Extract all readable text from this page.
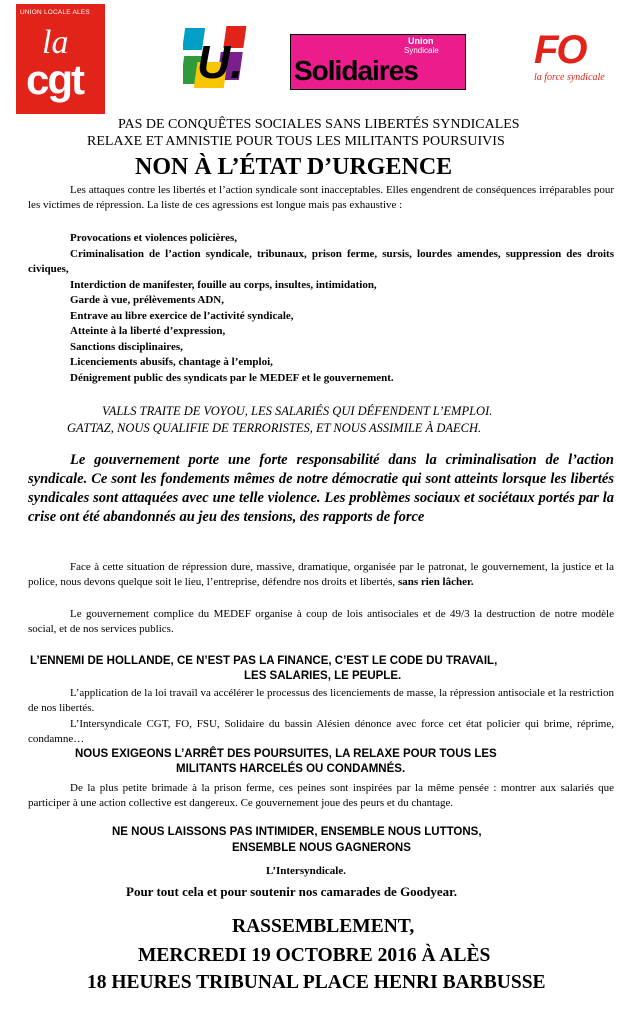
UNION LOCALE ALES
la
cgt U.	Union
Syndicale
Solidaires	FO
la force syndicale
PAS DE CONQUÊTES SOCIALES SANS LIBERTÉS SYNDICALES
RELAXE ET AMNISTIE POUR TOUS LES MILITANTS POURSUIVIS
NON À L’ÉTAT D’URGENCE
Les attaques contre les libertés et l’action syndicale sont inacceptables. Elles engendrent de conséquences irréparables pour les victimes de répression. La liste de ces agressions est longue mais pas exhaustive :
Provocations et violences policières,
Criminalisation de l’action syndicale, tribunaux, prison ferme, sursis, lourdes amendes, suppression des droits civiques,
Interdiction de manifester, fouille au corps, insultes, intimidation,
Garde à vue, prélèvements ADN,
Entrave au libre exercice de l’activité syndicale,
Atteinte à la liberté d’expression,
Sanctions disciplinaires,
Licenciements abusifs, chantage à l’emploi,
Dénigrement public des syndicats par le MEDEF et le gouvernement.
VALLS TRAITE DE VOYOU, LES SALARIÉS QUI DÉFENDENT L’EMPLOI.
GATTAZ, NOUS QUALIFIE DE TERRORISTES, ET NOUS ASSIMILE À DAECH.
Le gouvernement porte une forte responsabilité dans la criminalisation de l’action syndicale. Ce sont les fondements mêmes de notre démocratie qui sont atteints lorsque les libertés syndicales sont attaquées avec une telle violence. Les problèmes sociaux et sociétaux portés par la crise ont été abandonnés au jeu des tensions, des rapports de force
Face à cette situation de répression dure, massive, dramatique, organisée par le patronat, le gouvernement, la justice et la police, nous devons quelque soit le lieu, l’entreprise, défendre nos droits et libertés, sans rien lâcher.
Le gouvernement complice du MEDEF organise à coup de lois antisociales et de 49/3 la destruction de notre modèle social, et de nos services publics.
L’ENNEMI DE HOLLANDE, CE N’EST PAS LA FINANCE, C’EST LE CODE DU TRAVAIL,
LES SALARIES, LE PEUPLE.
L’application de la loi travail va accélérer le processus des licenciements de masse, la répression antisociale et la restriction de nos libertés.
L’Intersyndicale CGT, FO, FSU, Solidaire du bassin Alésien dénonce avec force cet état policier qui brime, réprime, condamne…
NOUS EXIGEONS L’ARRÊT DES POURSUITES, LA RELAXE POUR TOUS LES
MILITANTS HARCELÉS OU CONDAMNÉS.
De la plus petite brimade à la prison ferme, ces peines sont inspirées par la même pensée : montrer aux salariés que participer à une action collective est dangereux. Ce gouvernement joue des peurs et du chantage.
NE NOUS LAISSONS PAS INTIMIDER, ENSEMBLE NOUS LUTTONS,
ENSEMBLE NOUS GAGNERONS
L’Intersyndicale.
Pour tout cela et pour soutenir nos camarades de Goodyear.
RASSEMBLEMENT,
MERCREDI 19 OCTOBRE 2016 À ALÈS
18 HEURES TRIBUNAL PLACE HENRI BARBUSSE
